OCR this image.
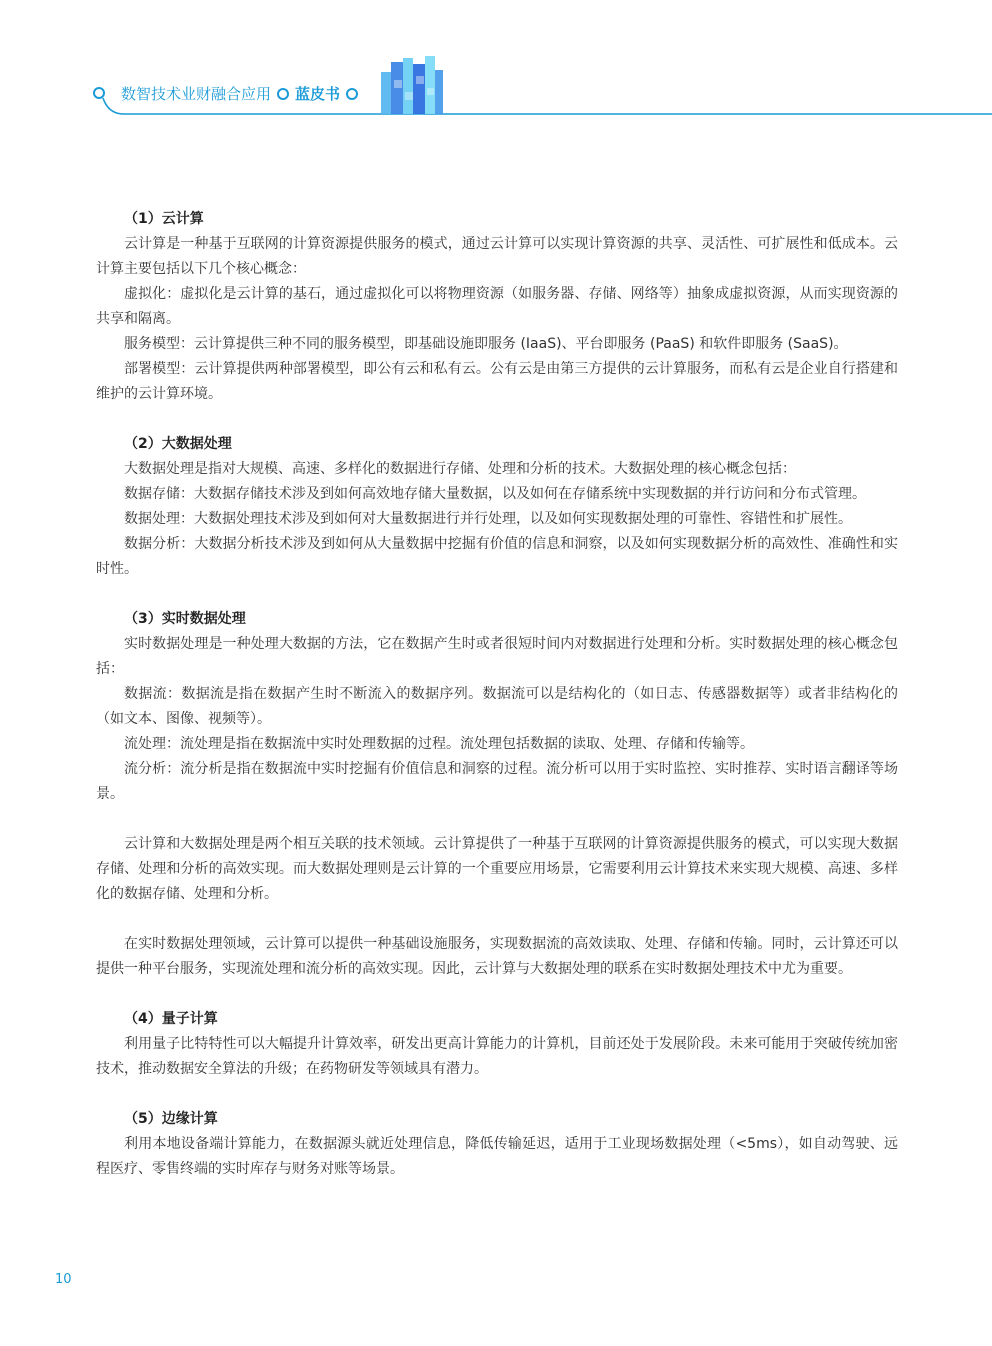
数智技术业财融合应用 蓝皮书

（1）云计算

云计算是一种基于互联网的计算资源提供服务的模式，通过云计算可以实现计算资源的共享、灵活性、可扩展性和低成本。云计算主要包括以下几个核心概念：

虚拟化：虚拟化是云计算的基石，通过虚拟化可以将物理资源（如服务器、存储、网络等）抽象成虚拟资源，从而实现资源的共享和隔离。

服务模型：云计算提供三种不同的服务模型，即基础设施即服务 (IaaS)、平台即服务 (PaaS) 和软件即服务 (SaaS)。

部署模型：云计算提供两种部署模型，即公有云和私有云。公有云是由第三方提供的云计算服务，而私有云是企业自行搭建和维护的云计算环境。

（2）大数据处理

大数据处理是指对大规模、高速、多样化的数据进行存储、处理和分析的技术。大数据处理的核心概念包括：

数据存储：大数据存储技术涉及到如何高效地存储大量数据，以及如何在存储系统中实现数据的并行访问和分布式管理。

数据处理：大数据处理技术涉及到如何对大量数据进行并行处理，以及如何实现数据处理的可靠性、容错性和扩展性。

数据分析：大数据分析技术涉及到如何从大量数据中挖掘有价值的信息和洞察，以及如何实现数据分析的高效性、准确性和实时性。

（3）实时数据处理

实时数据处理是一种处理大数据的方法，它在数据产生时或者很短时间内对数据进行处理和分析。实时数据处理的核心概念包括：

数据流：数据流是指在数据产生时不断流入的数据序列。数据流可以是结构化的（如日志、传感器数据等）或者非结构化的（如文本、图像、视频等）。

流处理：流处理是指在数据流中实时处理数据的过程。流处理包括数据的读取、处理、存储和传输等。

流分析：流分析是指在数据流中实时挖掘有价值信息和洞察的过程。流分析可以用于实时监控、实时推荐、实时语言翻译等场景。

云计算和大数据处理是两个相互关联的技术领域。云计算提供了一种基于互联网的计算资源提供服务的模式，可以实现大数据存储、处理和分析的高效实现。而大数据处理则是云计算的一个重要应用场景，它需要利用云计算技术来实现大规模、高速、多样化的数据存储、处理和分析。

在实时数据处理领域，云计算可以提供一种基础设施服务，实现数据流的高效读取、处理、存储和传输。同时，云计算还可以提供一种平台服务，实现流处理和流分析的高效实现。因此，云计算与大数据处理的联系在实时数据处理技术中尤为重要。

（4）量子计算

利用量子比特特性可以大幅提升计算效率，研发出更高计算能力的计算机，目前还处于发展阶段。未来可能用于突破传统加密技术，推动数据安全算法的升级；在药物研发等领域具有潜力。

（5）边缘计算

利用本地设备端计算能力，在数据源头就近处理信息，降低传输延迟，适用于工业现场数据处理（<5ms），如自动驾驶、远程医疗、零售终端的实时库存与财务对账等场景。

10
